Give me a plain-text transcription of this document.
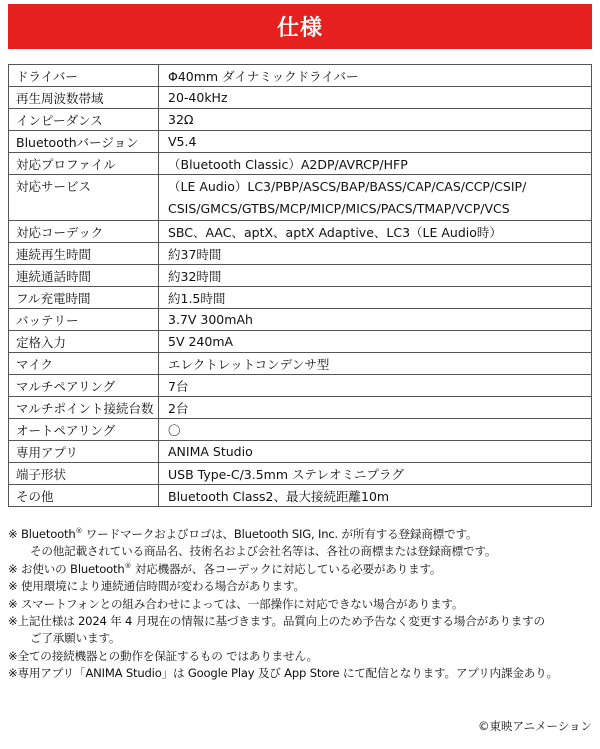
仕様
ドライバー	Φ40mm ダイナミックドライバー
再生周波数帯域	20-40kHz
インピーダンス	32Ω
Bluetoothバージョン	V5.4
対応プロファイル	（Bluetooth Classic）A2DP/AVRCP/HFP
対応サービス	（LE Audio）LC3/PBP/ASCS/BAP/BASS/CAP/CAS/CCP/CSIP/
CSIS/GMCS/GTBS/MCP/MICP/MICS/PACS/TMAP/VCP/VCS

対応コーデック	SBC、AAC、aptX、aptX Adaptive、LC3（LE Audio時）
連続再生時間	約37時間
連続通話時間	約32時間
フル充電時間	約1.5時間
バッテリー	3.7V 300mAh
定格入力	5V 240mA
マイク	エレクトレットコンデンサ型
マルチペアリング	7台
マルチポイント接続台数	2台
オートペアリング	〇
専用アプリ	ANIMA Studio
端子形状	USB Type-C/3.5mm ステレオミニプラグ
その他	Bluetooth Class2、最大接続距離10m

※ Bluetooth® ワードマークおよびロゴは、Bluetooth SIG, Inc. が所有する登録商標です。

その他記載されている商品名、技術名および会社名等は、各社の商標または登録商標です。

※ お使いの Bluetooth® 対応機器が、各コーデックに対応している必要があります。

※ 使用環境により連続通信時間が変わる場合があります。

※ スマートフォンとの組み合わせによっては、一部操作に対応できない場合があります。

※上記仕様は 2024 年 4 月現在の情報に基づきます。品質向上のため予告なく変更する場合がありますの

ご了承願います。

※全ての接続機器との動作を保証するもの ではありません。

※専用アプリ「ANIMA Studio」は Google Play 及び App Store にて配信となります。アプリ内課金あり。

©東映アニメーション
